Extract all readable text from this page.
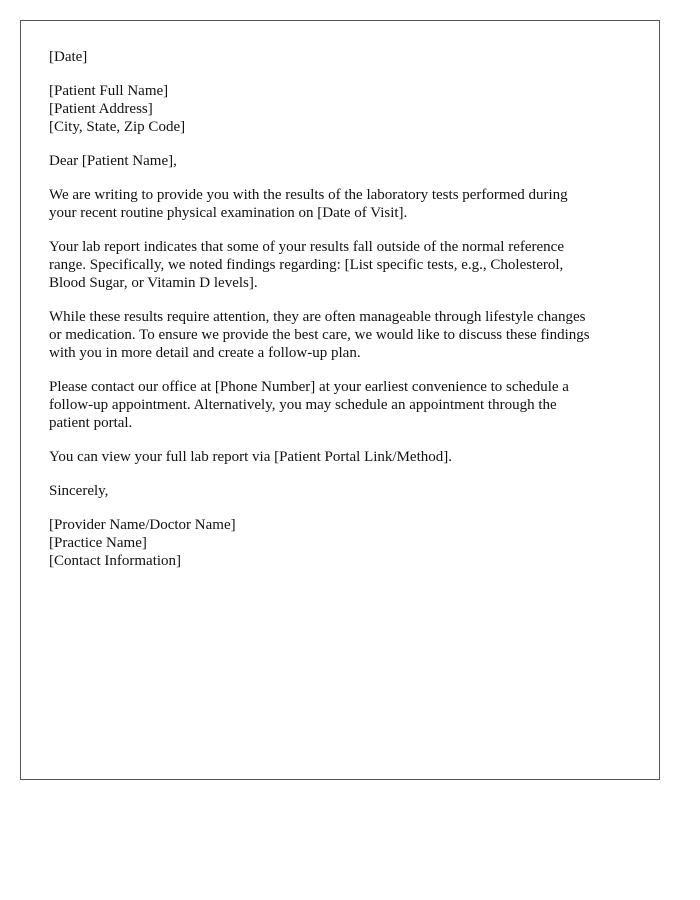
[Date]
[Patient Full Name]
[Patient Address]
[City, State, Zip Code]
Dear [Patient Name],
We are writing to provide you with the results of the laboratory tests performed during
your recent routine physical examination on [Date of Visit].
Your lab report indicates that some of your results fall outside of the normal reference
range. Specifically, we noted findings regarding: [List specific tests, e.g., Cholesterol,
Blood Sugar, or Vitamin D levels].
While these results require attention, they are often manageable through lifestyle changes
or medication. To ensure we provide the best care, we would like to discuss these findings
with you in more detail and create a follow-up plan.
Please contact our office at [Phone Number] at your earliest convenience to schedule a
follow-up appointment. Alternatively, you may schedule an appointment through the
patient portal.
You can view your full lab report via [Patient Portal Link/Method].
Sincerely,
[Provider Name/Doctor Name]
[Practice Name]
[Contact Information]
